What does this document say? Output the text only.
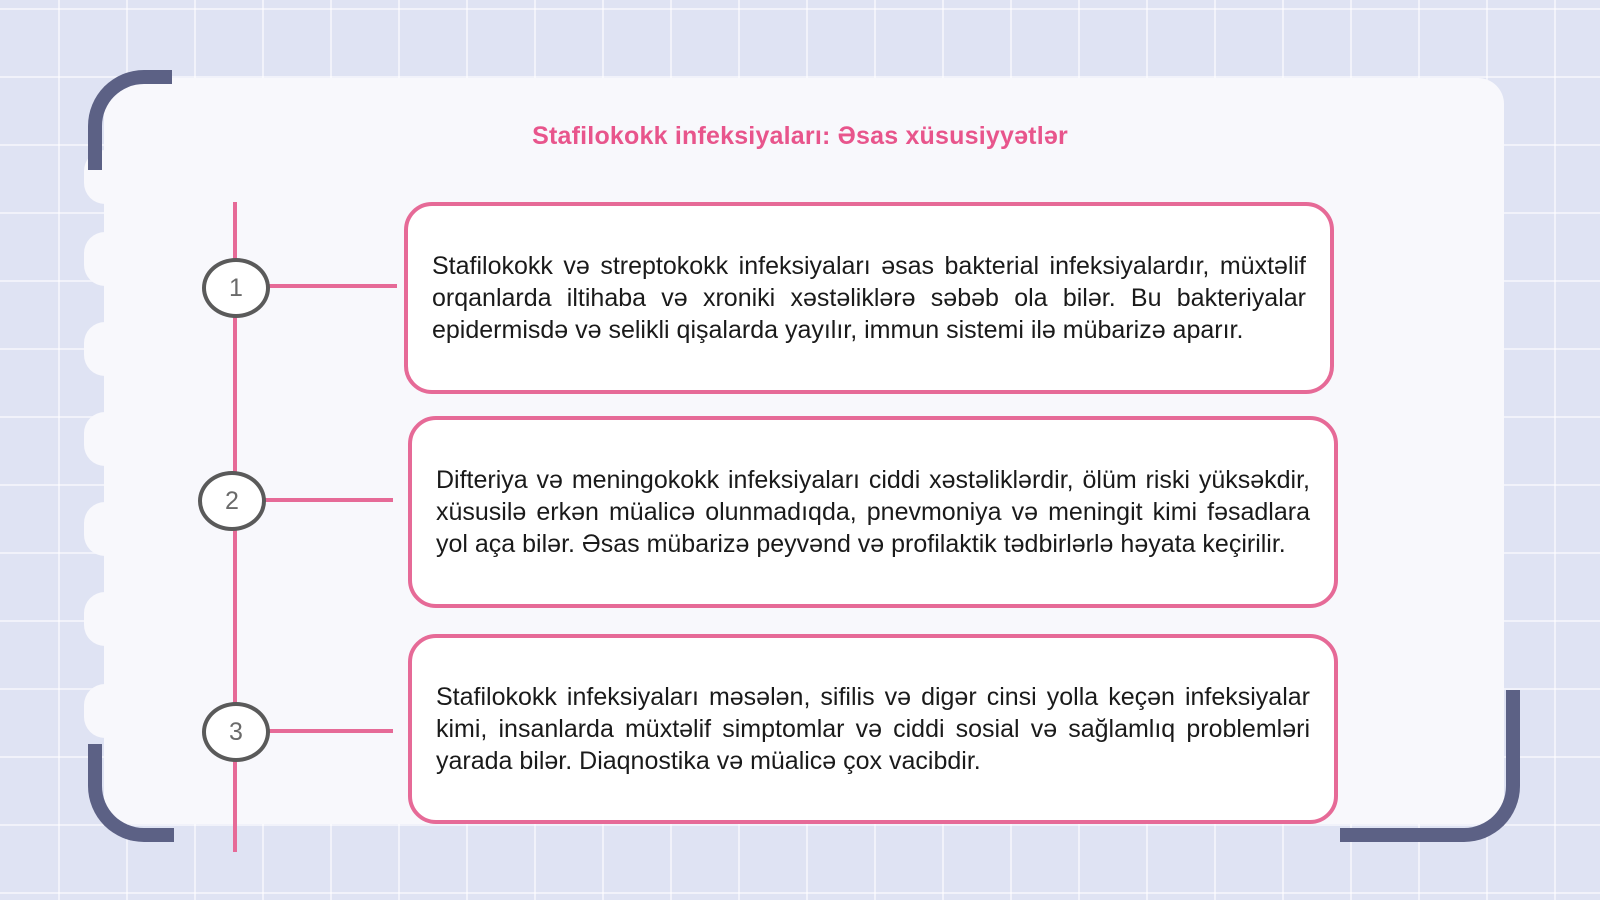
Stafilokokk infeksiyaları: Əsas xüsusiyyətlər
1
Stafilokokk və streptokokk infeksiyaları əsas bakterial infeksiyalardır, müxtəlif orqanlarda iltihaba və xroniki xəstəliklərə səbəb ola bilər. Bu bakteriyalar epidermisdə və selikli qişalarda yayılır, immun sistemi ilə mübarizə aparır.
2
Difteriya və meningokokk infeksiyaları ciddi xəstəliklərdir, ölüm riski yüksəkdir, xüsusilə erkən müalicə olunmadıqda, pnevmoniya və meningit kimi fəsadlara yol aça bilər. Əsas mübarizə peyvənd və profilaktik tədbirlərlə həyata keçirilir.
3
Stafilokokk infeksiyaları məsələn, sifilis və digər cinsi yolla keçən infeksiyalar kimi, insanlarda müxtəlif simptomlar və ciddi sosial və sağlamlıq problemləri yarada bilər. Diaqnostika və müalicə çox vacibdir.
